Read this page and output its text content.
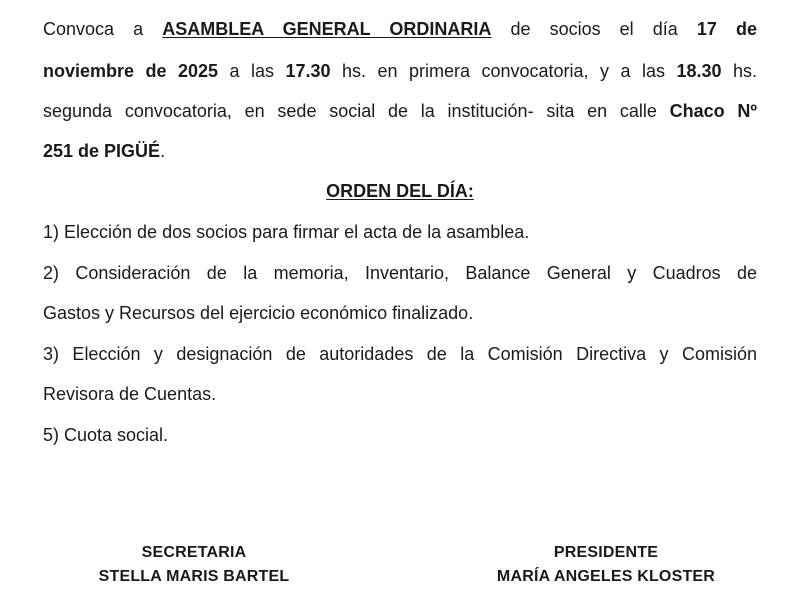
Convoca a ASAMBLEA GENERAL ORDINARIA de socios el día 17 de
noviembre de 2025 a las 17.30 hs. en primera convocatoria, y a las 18.30 hs.
segunda convocatoria, en sede social de la institución- sita en calle Chaco Nº
251 de PIGÜÉ.
ORDEN DEL DÍA:
1) Elección de dos socios para firmar el acta de la asamblea.
2) Consideración de la memoria, Inventario, Balance General y Cuadros de
Gastos y Recursos del ejercicio económico finalizado.
3) Elección y designación de autoridades de la Comisión Directiva y Comisión
Revisora de Cuentas.
5) Cuota social.
SECRETARIA
STELLA MARIS BARTEL
PRESIDENTE
MARÍA ANGELES KLOSTER
